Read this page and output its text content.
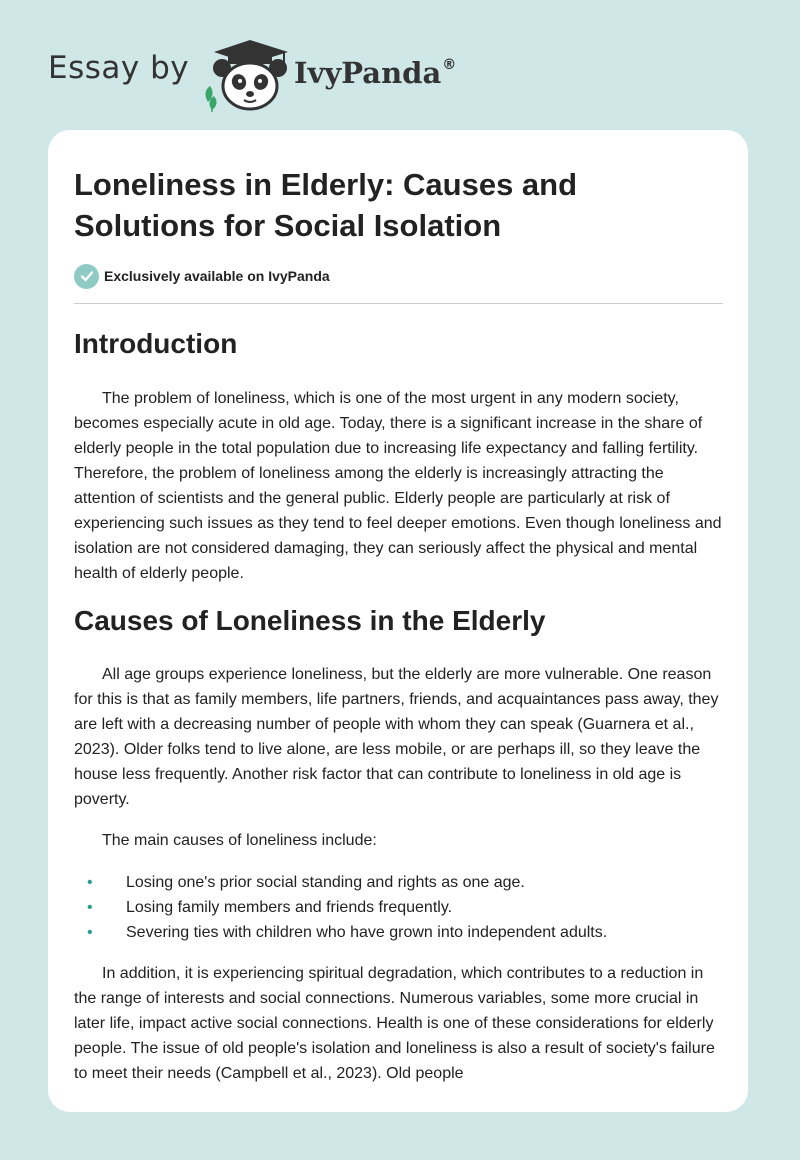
Essay by	IvyPanda®
Loneliness in Elderly: Causes and Solutions for Social Isolation
Exclusively available on IvyPanda
Introduction

The problem of loneliness, which is one of the most urgent in any modern society, becomes especially acute in old age. Today, there is a significant increase in the share of elderly people in the total population due to increasing life expectancy and falling fertility. Therefore, the problem of loneliness among the elderly is increasingly attracting the attention of scientists and the general public. Elderly people are particularly at risk of experiencing such issues as they tend to feel deeper emotions. Even though loneliness and isolation are not considered damaging, they can seriously affect the physical and mental health of elderly people.

Causes of Loneliness in the Elderly

All age groups experience loneliness, but the elderly are more vulnerable. One reason for this is that as family members, life partners, friends, and acquaintances pass away, they are left with a decreasing number of people with whom they can speak (Guarnera et al., 2023). Older folks tend to live alone, are less mobile, or are perhaps ill, so they leave the house less frequently. Another risk factor that can contribute to loneliness in old age is poverty.

The main causes of loneliness include:

• Losing one's prior social standing and rights as one age.
• Losing family members and friends frequently.
• Severing ties with children who have grown into independent adults.

In addition, it is experiencing spiritual degradation, which contributes to a reduction in the range of interests and social connections. Numerous variables, some more crucial in later life, impact active social connections. Health is one of these considerations for elderly people. The issue of old people's isolation and loneliness is also a result of society's failure to meet their needs (Campbell et al., 2023). Old people
